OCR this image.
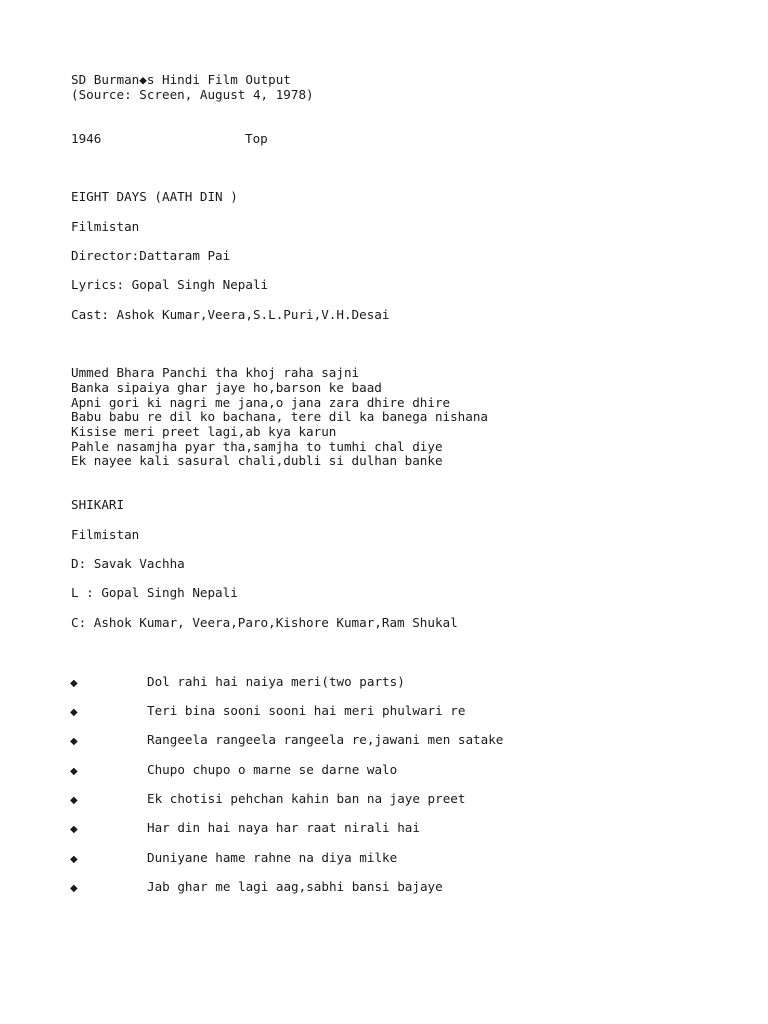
SD Burman◆s Hindi Film Output
(Source: Screen, August 4, 1978)
1946	Top
EIGHT DAYS (AATH DIN )
Filmistan
Director:Dattaram Pai
Lyrics: Gopal Singh Nepali
Cast: Ashok Kumar,Veera,S.L.Puri,V.H.Desai
Ummed Bhara Panchi tha khoj raha sajni
Banka sipaiya ghar jaye ho,barson ke baad
Apni gori ki nagri me jana,o jana zara dhire dhire
Babu babu re dil ko bachana, tere dil ka banega nishana
Kisise meri preet lagi,ab kya karun
Pahle nasamjha pyar tha,samjha to tumhi chal diye
Ek nayee kali sasural chali,dubli si dulhan banke
SHIKARI
Filmistan
D: Savak Vachha
L : Gopal Singh Nepali
C: Ashok Kumar, Veera,Paro,Kishore Kumar,Ram Shukal
◆	Dol rahi hai naiya meri(two parts)
◆	Teri bina sooni sooni hai meri phulwari re
◆	Rangeela rangeela rangeela re,jawani men satake
◆	Chupo chupo o marne se darne walo
◆	Ek chotisi pehchan kahin ban na jaye preet
◆	Har din hai naya har raat nirali hai
◆	Duniyane hame rahne na diya milke
◆	Jab ghar me lagi aag,sabhi bansi bajaye
